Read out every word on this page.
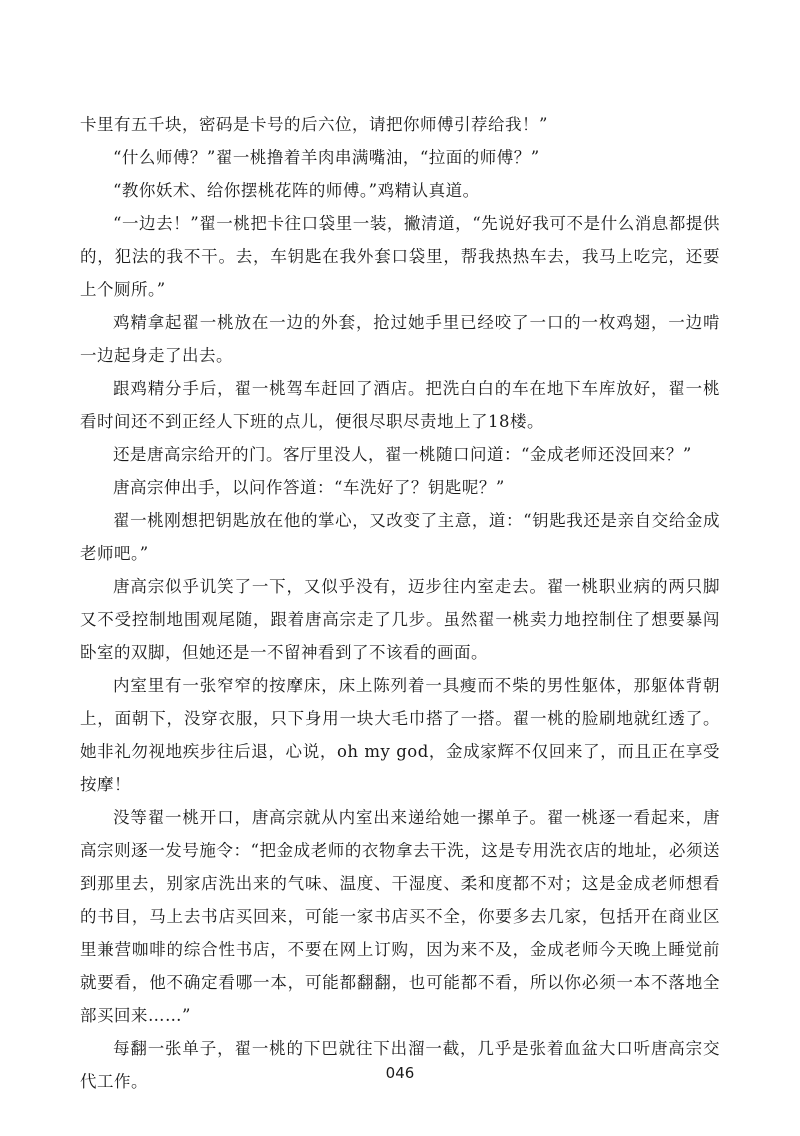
卡里有五千块，密码是卡号的后六位，请把你师傅引荐给我！”

“什么师傅？”翟一桃撸着羊肉串满嘴油，“拉面的师傅？”

“教你妖术、给你摆桃花阵的师傅。”鸡精认真道。

“一边去！”翟一桃把卡往口袋里一装，撇清道，“先说好我可不是什么消息都提供的，犯法的我不干。去，车钥匙在我外套口袋里，帮我热热车去，我马上吃完，还要上个厕所。”

鸡精拿起翟一桃放在一边的外套，抢过她手里已经咬了一口的一枚鸡翅，一边啃一边起身走了出去。

跟鸡精分手后，翟一桃驾车赶回了酒店。把洗白白的车在地下车库放好，翟一桃看时间还不到正经人下班的点儿，便很尽职尽责地上了18楼。

还是唐高宗给开的门。客厅里没人，翟一桃随口问道：“金成老师还没回来？”

唐高宗伸出手，以问作答道：“车洗好了？钥匙呢？”

翟一桃刚想把钥匙放在他的掌心，又改变了主意，道：“钥匙我还是亲自交给金成老师吧。”

唐高宗似乎讥笑了一下，又似乎没有，迈步往内室走去。翟一桃职业病的两只脚又不受控制地围观尾随，跟着唐高宗走了几步。虽然翟一桃卖力地控制住了想要暴闯卧室的双脚，但她还是一不留神看到了不该看的画面。

内室里有一张窄窄的按摩床，床上陈列着一具瘦而不柴的男性躯体，那躯体背朝上，面朝下，没穿衣服，只下身用一块大毛巾搭了一搭。翟一桃的脸刷地就红透了。她非礼勿视地疾步往后退，心说，oh my god，金成家辉不仅回来了，而且正在享受按摩！

没等翟一桃开口，唐高宗就从内室出来递给她一摞单子。翟一桃逐一看起来，唐高宗则逐一发号施令：“把金成老师的衣物拿去干洗，这是专用洗衣店的地址，必须送到那里去，别家店洗出来的气味、温度、干湿度、柔和度都不对；这是金成老师想看的书目，马上去书店买回来，可能一家书店买不全，你要多去几家，包括开在商业区里兼营咖啡的综合性书店，不要在网上订购，因为来不及，金成老师今天晚上睡觉前就要看，他不确定看哪一本，可能都翻翻，也可能都不看，所以你必须一本不落地全部买回来……”

每翻一张单子，翟一桃的下巴就往下出溜一截，几乎是张着血盆大口听唐高宗交代工作。	046
